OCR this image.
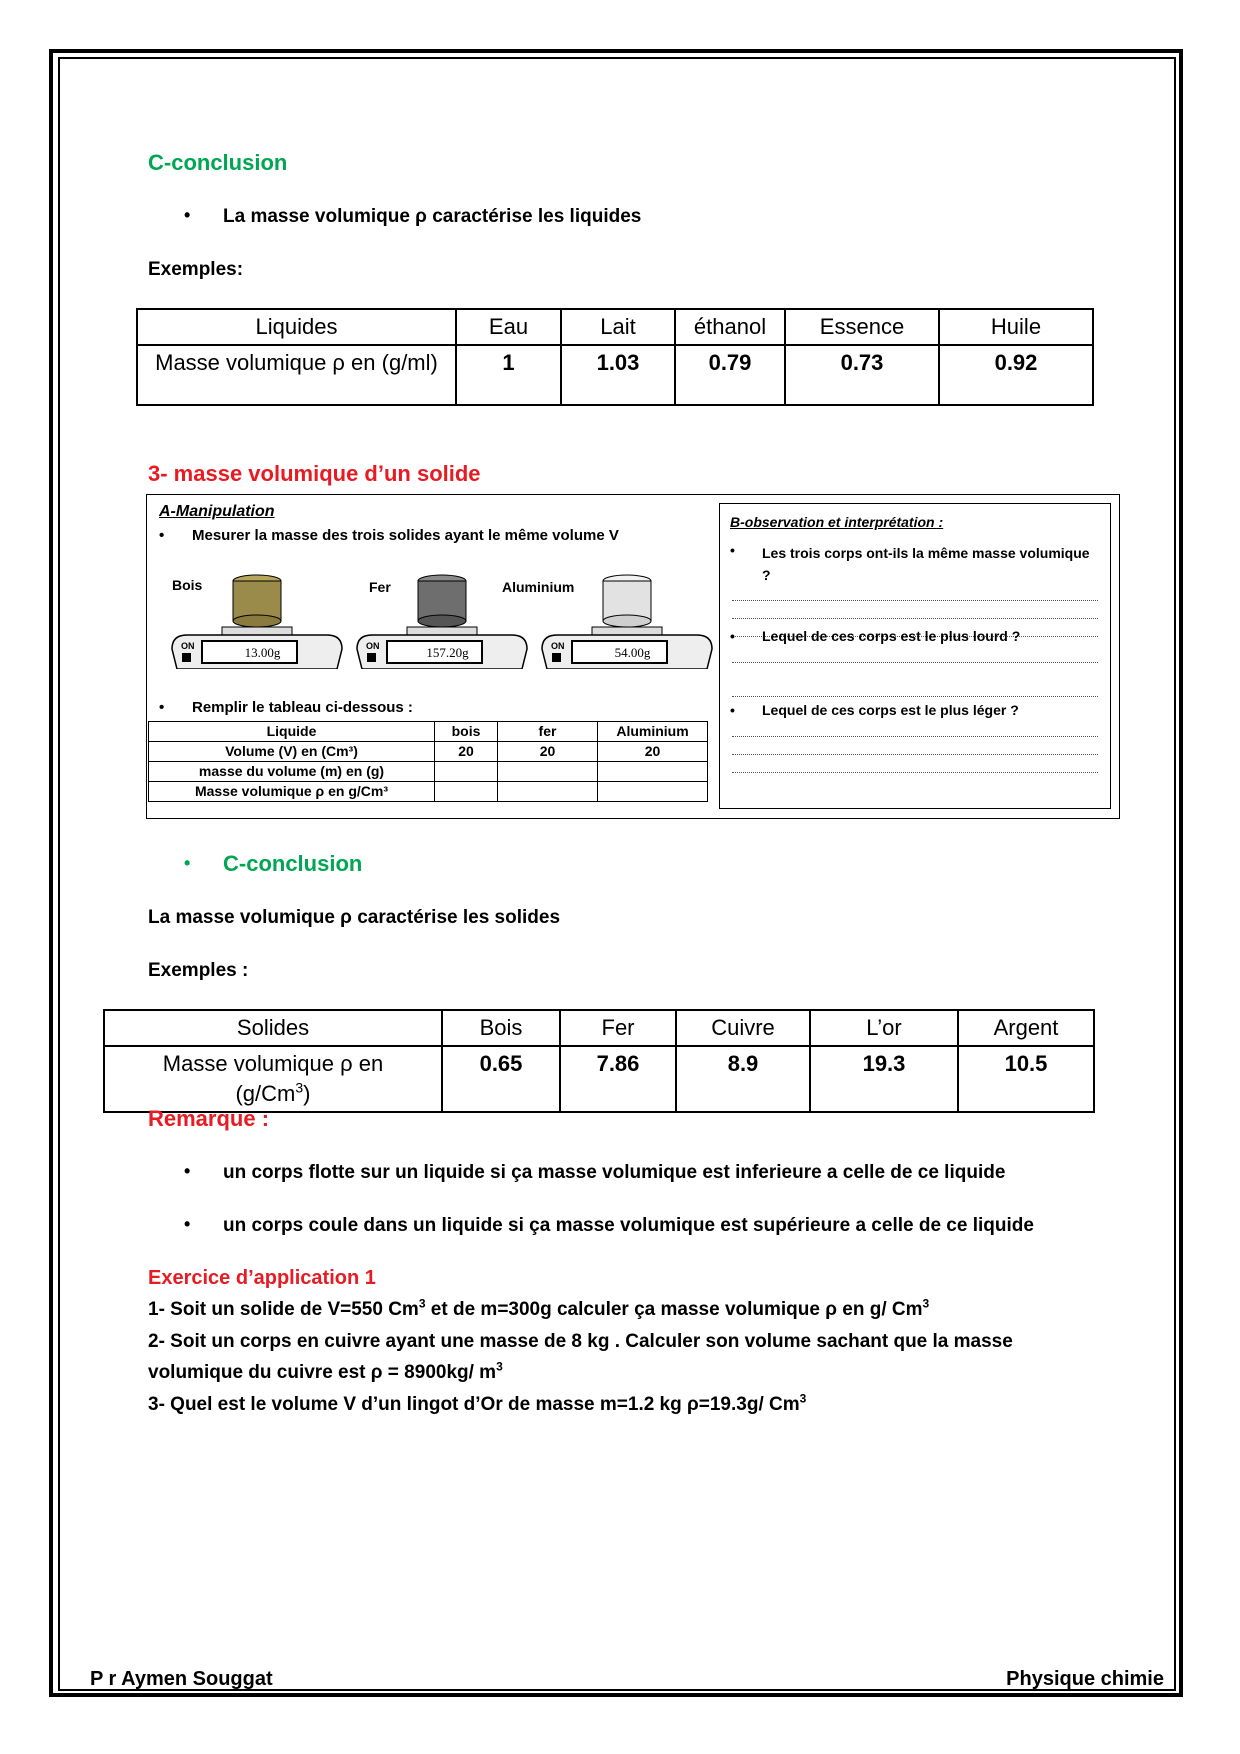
C-conclusion
• La masse volumique ρ caractérise les liquides
Exemples:
Liquides	Eau	Lait	éthanol	Essence	Huile
Masse volumique ρ en (g/ml)	1	1.03	0.79	0.73	0.92
3- masse volumique d’un solide
A-Manipulation
• Mesurer la masse des trois solides ayant le même volume V
Bois
13.00g
ON
Fer
157.20g
ON
Aluminium
54.00g
ON
• Remplir le tableau ci-dessous :
Liquide	bois	fer	Aluminium
Volume (V) en (Cm³)	20	20	20
masse du volume (m) en (g)			
Masse volumique ρ en g/Cm³			
B-observation et interprétation :
• Les trois corps ont-ils la même masse volumique ?
• Lequel de ces corps est le plus lourd ?
• Lequel de ces corps est le plus léger ?
• C-conclusion
La masse volumique ρ caractérise les solides
Exemples :
Solides	Bois	Fer	Cuivre	L’or	Argent
Masse volumique ρ en
(g/Cm$^3$)	0.65	7.86	8.9	19.3	10.5
Remarque :
• un corps flotte sur un liquide si ça masse volumique est inferieure a celle de ce liquide
• un corps coule dans un liquide si ça masse volumique est supérieure a celle de ce liquide
Exercice d’application 1
1- Soit un solide de V=550 Cm$^3$ et de m=300g calculer ça masse volumique ρ en g/ Cm$^3$
2- Soit un corps en cuivre ayant une masse de 8 kg . Calculer son volume sachant que la masse
volumique du cuivre est ρ = 8900kg/ $m^3$
3- Quel est le volume V d’un lingot d’Or de masse m=1.2 kg ρ=19.3g/ Cm$^3$
P r Aymen Souggat	Physique chimie
